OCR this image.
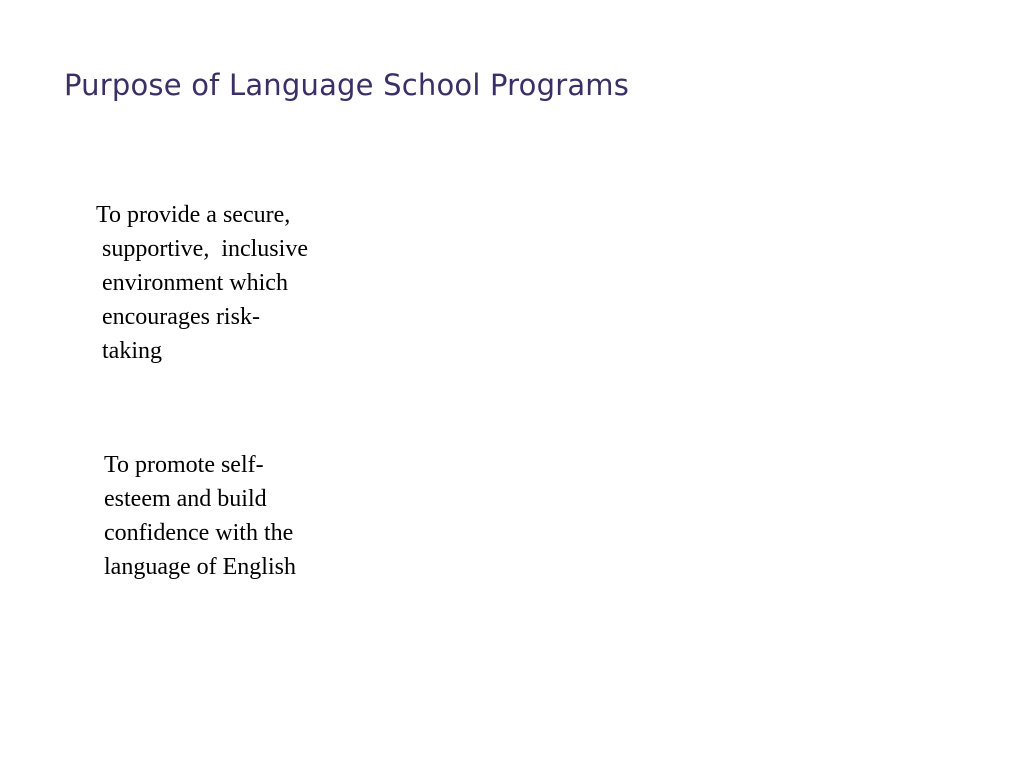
Purpose of Language School Programs
To provide a secure,
supportive,  inclusive
environment which
encourages risk-
taking
To promote self-
esteem and build
confidence with the
language of English
